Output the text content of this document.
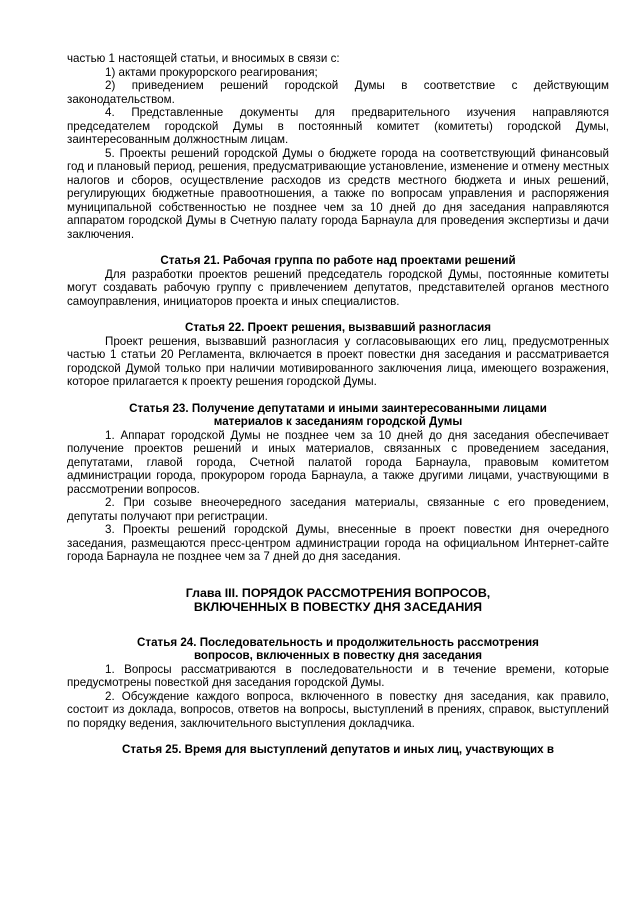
частью 1 настоящей статьи, и вносимых в связи с:

1) актами прокурорского реагирования;

2) приведением решений городской Думы в соответствие с действующим законодательством.

4. Представленные документы для предварительного изучения направляются председателем городской Думы в постоянный комитет (комитеты) городской Думы, заинтересованным должностным лицам.

5. Проекты решений городской Думы о бюджете города на соответствующий финансовый год и плановый период, решения, предусматривающие установление, изменение и отмену местных налогов и сборов, осуществление расходов из средств местного бюджета и иных решений, регулирующих бюджетные правоотношения, а также по вопросам управления и распоряжения муниципальной собственностью не позднее чем за 10 дней до дня заседания направляются аппаратом городской Думы в Счетную палату города Барнаула для проведения экспертизы и дачи заключения.

Статья 21. Рабочая группа по работе над проектами решений

Для разработки проектов решений председатель городской Думы, постоянные комитеты могут создавать рабочую группу с привлечением депутатов, представителей органов местного самоуправления, инициаторов проекта и иных специалистов.

Статья 22. Проект решения, вызвавший разногласия

Проект решения, вызвавший разногласия у согласовывающих его лиц, предусмотренных частью 1 статьи 20 Регламента, включается в проект повестки дня заседания и рассматривается городской Думой только при наличии мотивированного заключения лица, имеющего возражения, которое прилагается к проекту решения городской Думы.

Статья 23. Получение депутатами и иными заинтересованными лицами
материалов к заседаниям городской Думы

1. Аппарат городской Думы не позднее чем за 10 дней до дня заседания обеспечивает получение проектов решений и иных материалов, связанных с проведением заседания, депутатами, главой города, Счетной палатой города Барнаула, правовым комитетом администрации города, прокурором города Барнаула, а также другими лицами, участвующими в рассмотрении вопросов.

2. При созыве внеочередного заседания материалы, связанные с его проведением, депутаты получают при регистрации.

3. Проекты решений городской Думы, внесенные в проект повестки дня очередного заседания, размещаются пресс-центром администрации города на официальном Интернет-сайте города Барнаула не позднее чем за 7 дней до дня заседания.

Глава III. ПОРЯДОК РАССМОТРЕНИЯ ВОПРОСОВ,
ВКЛЮЧЕННЫХ В ПОВЕСТКУ ДНЯ ЗАСЕДАНИЯ
Статья 24. Последовательность и продолжительность рассмотрения
вопросов, включенных в повестку дня заседания

1. Вопросы рассматриваются в последовательности и в течение времени, которые предусмотрены повесткой дня заседания городской Думы.

2. Обсуждение каждого вопроса, включенного в повестку дня заседания, как правило, состоит из доклада, вопросов, ответов на вопросы, выступлений в прениях, справок, выступлений по порядку ведения, заключительного выступления докладчика.

Статья 25. Время для выступлений депутатов и иных лиц, участвующих в
